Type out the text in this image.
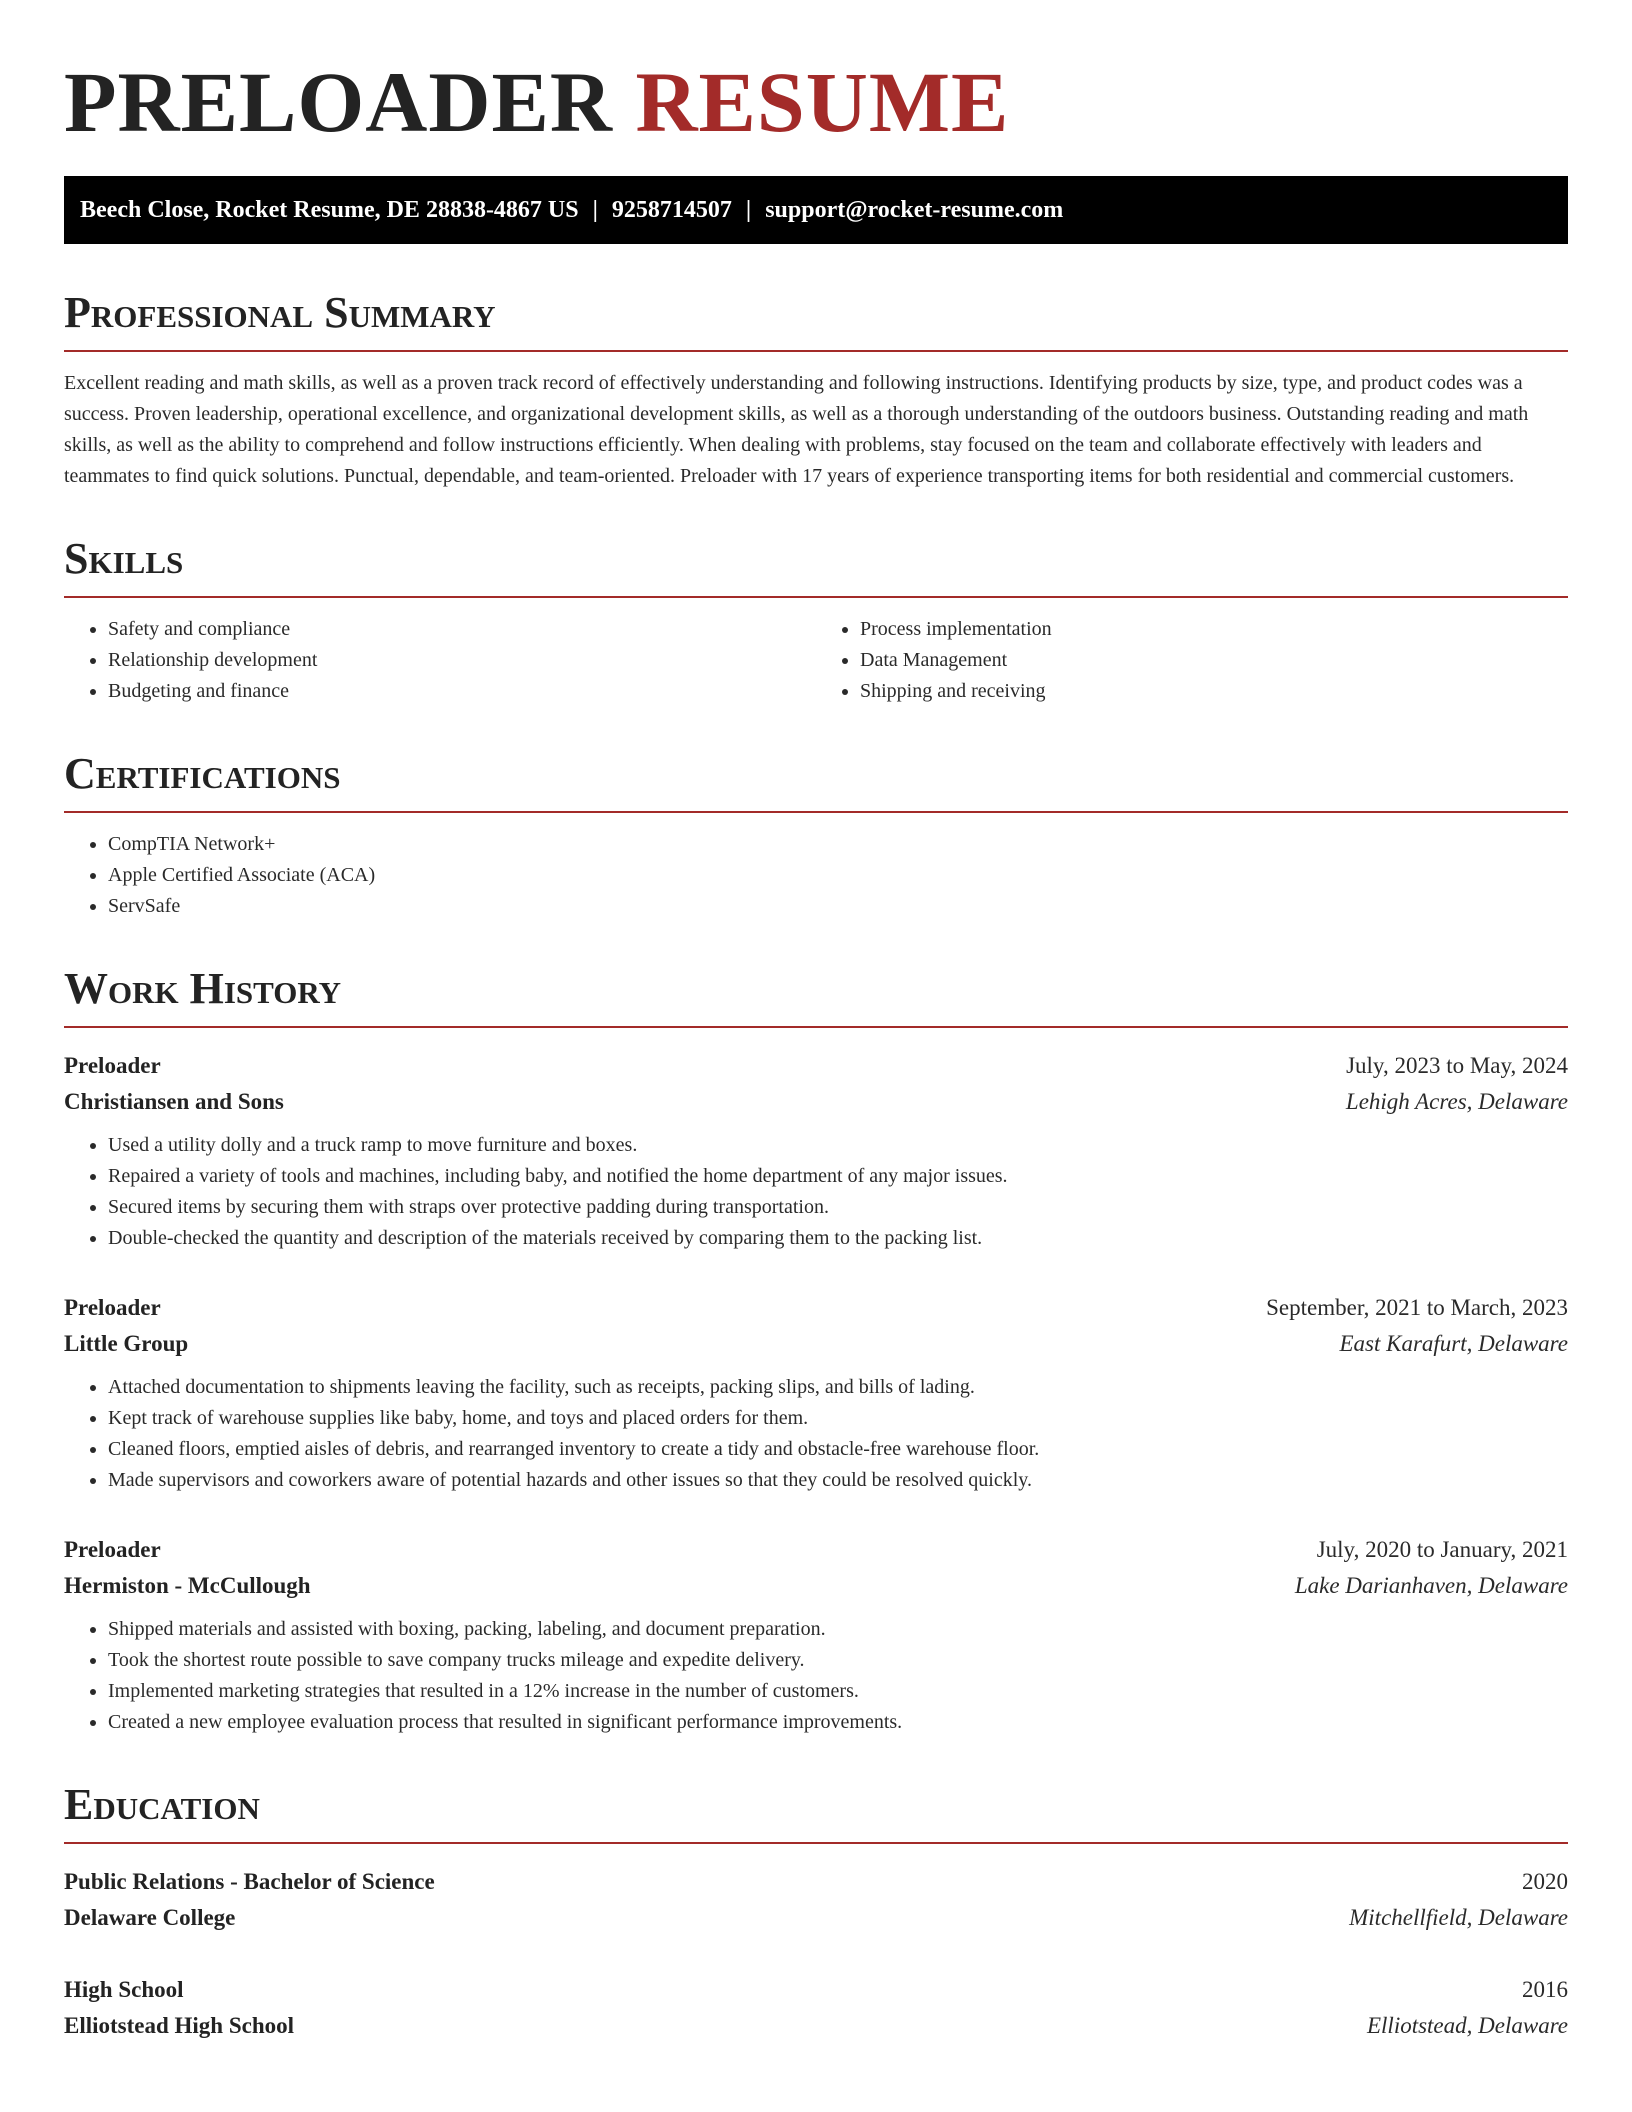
PRELOADER RESUME
Beech Close, Rocket Resume, DE 28838-4867 US | 9258714507 | support@rocket-resume.com
Professional Summary

Excellent reading and math skills, as well as a proven track record of effectively understanding and following instructions. Identifying products by size, type, and product codes was a success. Proven leadership, operational excellence, and organizational development skills, as well as a thorough understanding of the outdoors business. Outstanding reading and math skills, as well as the ability to comprehend and follow instructions efficiently. When dealing with problems, stay focused on the team and collaborate effectively with leaders and teammates to find quick solutions. Punctual, dependable, and team-oriented. Preloader with 17 years of experience transporting items for both residential and commercial customers.

Skills
• Safety and compliance
• Relationship development
• Budgeting and finance
• Process implementation
• Data Management
• Shipping and receiving
Certifications
• CompTIA Network+
• Apple Certified Associate (ACA)
• ServSafe
Work History
Preloader	July, 2023 to May, 2024
Christiansen and Sons	Lehigh Acres, Delaware
• Used a utility dolly and a truck ramp to move furniture and boxes.
• Repaired a variety of tools and machines, including baby, and notified the home department of any major issues.
• Secured items by securing them with straps over protective padding during transportation.
• Double-checked the quantity and description of the materials received by comparing them to the packing list.
Preloader	September, 2021 to March, 2023
Little Group	East Karafurt, Delaware
• Attached documentation to shipments leaving the facility, such as receipts, packing slips, and bills of lading.
• Kept track of warehouse supplies like baby, home, and toys and placed orders for them.
• Cleaned floors, emptied aisles of debris, and rearranged inventory to create a tidy and obstacle-free warehouse floor.
• Made supervisors and coworkers aware of potential hazards and other issues so that they could be resolved quickly.
Preloader	July, 2020 to January, 2021
Hermiston - McCullough	Lake Darianhaven, Delaware
• Shipped materials and assisted with boxing, packing, labeling, and document preparation.
• Took the shortest route possible to save company trucks mileage and expedite delivery.
• Implemented marketing strategies that resulted in a 12% increase in the number of customers.
• Created a new employee evaluation process that resulted in significant performance improvements.
Education
Public Relations - Bachelor of Science	2020
Delaware College	Mitchellfield, Delaware
High School	2016
Elliotstead High School	Elliotstead, Delaware
